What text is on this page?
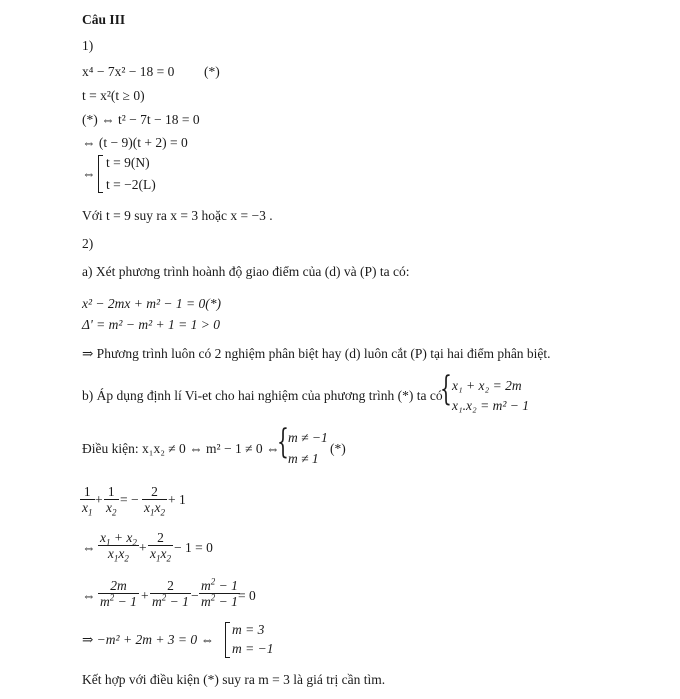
Câu III
1)
x⁴ − 7x² − 18 = 0 (*)
t = x²(t ≥ 0)
(*) ⇔ t² − 7t − 18 = 0
⇔ (t − 9)(t + 2) = 0
⇔
t = 9(N)
t = −2(L)
Với t = 9 suy ra x = 3 hoặc x = −3 .
2)
a) Xét phương trình hoành độ giao điểm của (d) và (P) ta có:
x² − 2mx + m² − 1 = 0(*)
Δ' = m² − m² + 1 = 1 > 0
⇒ Phương trình luôn có 2 nghiệm phân biệt hay (d) luôn cắt (P) tại hai điểm phân biệt.
b) Áp dụng định lí Vi-et cho hai nghiệm của phương trình (*) ta có
{ x₁ + x₂ = 2m
x₁.x₂ = m² − 1
Điều kiện: x₁x₂ ≠ 0 ⇔ m² − 1 ≠ 0 ⇔
{ m ≠ −1
m ≠ 1
(*)
$\frac{1}{x_1} + \frac{1}{x_2}$ = − $\frac{2}{x_1x_2} + 1$
⇔ $\frac{x_1 + x_2}{x_1x_2} + \frac{2}{x_1x_2} - 1 = 0$
⇔ $\frac{2m}{m^2 - 1} + \frac{2}{m^2 - 1} - \frac{m^2 - 1}{m^2 - 1}$
= 0
⇒ −m² + 2m + 3 = 0 ⇔
m = 3
m = −1
Kết hợp với điều kiện (*) suy ra m = 3 là giá trị cần tìm.
